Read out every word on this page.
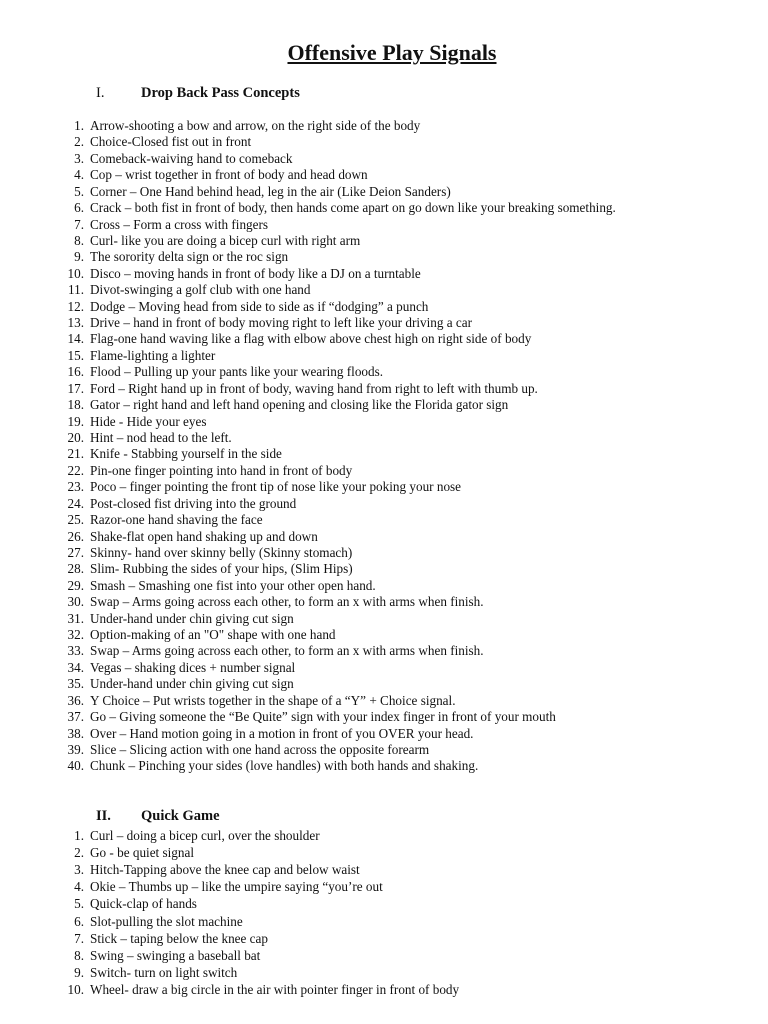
Offensive Play Signals
I.	Drop Back Pass Concepts
1. Arrow-shooting a bow and arrow, on the right side of the body
2. Choice-Closed fist out in front
3. Comeback-waiving hand to comeback
4. Cop – wrist together in front of body and head down
5. Corner – One Hand behind head, leg in the air (Like Deion Sanders)
6. Crack – both fist in front of body, then hands come apart on go down like your breaking something.
7. Cross – Form a cross with fingers
8. Curl- like you are doing a bicep curl with right arm
9. The sorority delta sign or the roc sign
10. Disco – moving hands in front of body like a DJ on a turntable
11. Divot-swinging a golf club with one hand
12. Dodge – Moving head from side to side as if “dodging” a punch
13. Drive – hand in front of body moving right to left like your driving a car
14. Flag-one hand waving like a flag with elbow above chest high on right side of body
15. Flame-lighting a lighter
16. Flood – Pulling up your pants like your wearing floods.
17. Ford – Right hand up in front of body, waving hand from right to left with thumb up.
18. Gator – right hand and left hand opening and closing like the Florida gator sign
19. Hide - Hide your eyes
20. Hint – nod head to the left.
21. Knife - Stabbing yourself in the side
22. Pin-one finger pointing into hand in front of body
23. Poco – finger pointing the front tip of nose like your poking your nose
24. Post-closed fist driving into the ground
25. Razor-one hand shaving the face
26. Shake-flat open hand shaking up and down
27. Skinny- hand over skinny belly (Skinny stomach)
28. Slim- Rubbing the sides of your hips, (Slim Hips)
29. Smash – Smashing one fist into your other open hand.
30. Swap – Arms going across each other, to form an x with arms when finish.
31. Under-hand under chin giving cut sign
32. Option-making of an "O" shape with one hand
33. Swap – Arms going across each other, to form an x with arms when finish.
34. Vegas – shaking dices + number signal
35. Under-hand under chin giving cut sign
36. Y Choice – Put wrists together in the shape of a “Y” + Choice signal.
37. Go – Giving someone the “Be Quite” sign with your index finger in front of your mouth
38. Over – Hand motion going in a motion in front of you OVER your head.
39. Slice – Slicing action with one hand across the opposite forearm
40. Chunk – Pinching your sides (love handles) with both hands and shaking.
II. Quick Game
1. Curl – doing a bicep curl, over the shoulder
2. Go - be quiet signal
3. Hitch-Tapping above the knee cap and below waist
4. Okie – Thumbs up – like the umpire saying “you’re out
5. Quick-clap of hands
6. Slot-pulling the slot machine
7. Stick – taping below the knee cap
8. Swing – swinging a baseball bat
9. Switch- turn on light switch
10. Wheel- draw a big circle in the air with pointer finger in front of body
